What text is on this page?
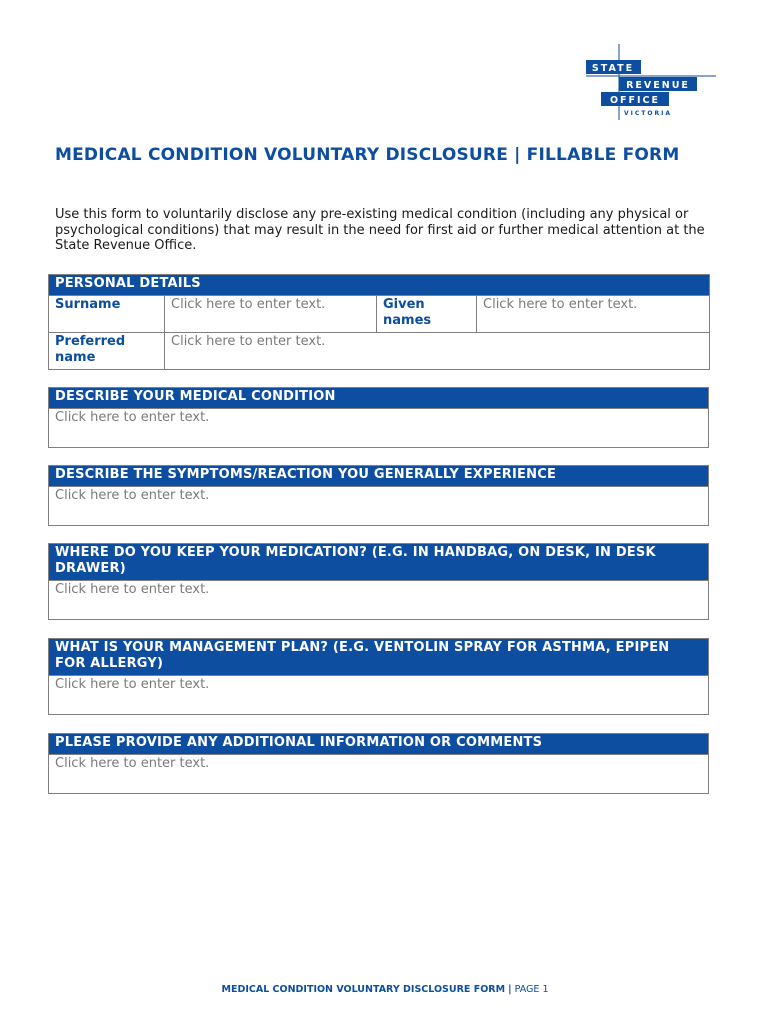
STATE
REVENUE
OFFICE
VICTORIA
MEDICAL CONDITION VOLUNTARY DISCLOSURE | FILLABLE FORM
Use this form to voluntarily disclose any pre-existing medical condition (including any physical or psychological conditions) that may result in the need for first aid or further medical attention at the State Revenue Office.
PERSONAL DETAILS			
Surname	Click here to enter text.	Given names	Click here to enter text.
Preferred name	Click here to enter text.		
DESCRIBE YOUR MEDICAL CONDITION
Click here to enter text.
DESCRIBE THE SYMPTOMS/REACTION YOU GENERALLY EXPERIENCE
Click here to enter text.
WHERE DO YOU KEEP YOUR MEDICATION? (E.G. IN HANDBAG, ON DESK, IN DESK DRAWER)
Click here to enter text.
WHAT IS YOUR MANAGEMENT PLAN? (E.G. VENTOLIN SPRAY FOR ASTHMA, EPIPEN FOR ALLERGY)
Click here to enter text.
PLEASE PROVIDE ANY ADDITIONAL INFORMATION OR COMMENTS
Click here to enter text.
MEDICAL CONDITION VOLUNTARY DISCLOSURE FORM | PAGE 1
